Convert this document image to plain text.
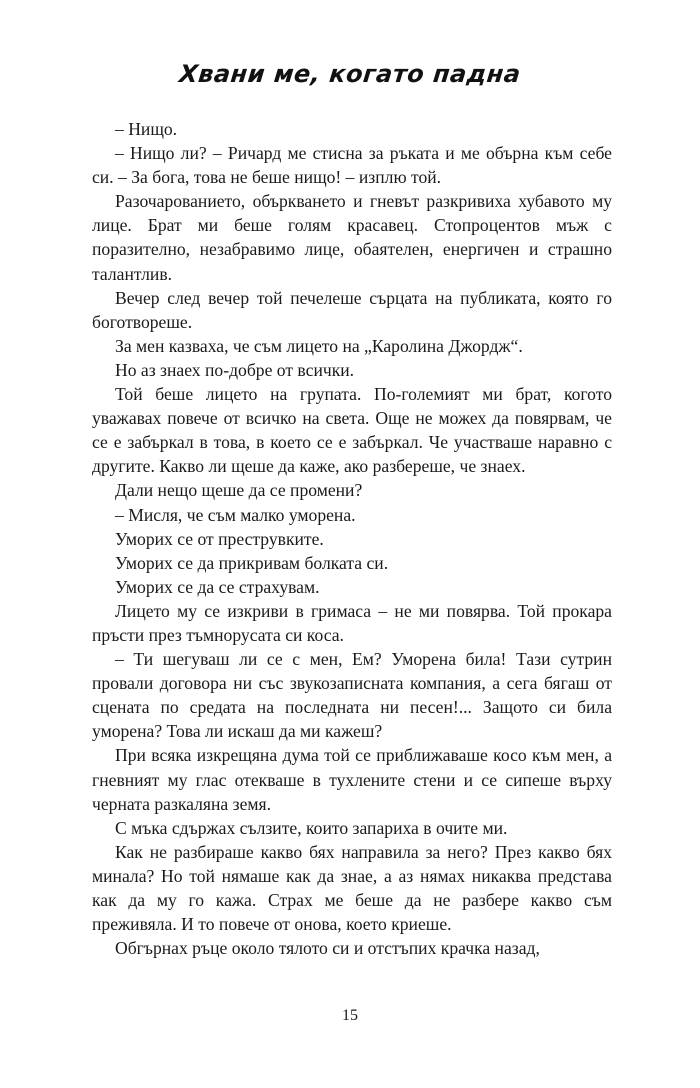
Хвани ме, когато падна

– Нищо.

– Нищо ли? – Ричард ме стисна за ръката и ме обърна към себе си. – За бога, това не беше нищо! – изплю той.

Разочарованието, объркването и гневът разкривиха хубавото му лице. Брат ми беше голям красавец. Стопроцентов мъж с поразително, незабравимо лице, обаятелен, енергичен и страшно талантлив.

Вечер след вечер той печелеше сърцата на публиката, която го боготвореше.

За мен казваха, че съм лицето на „Каролина Джордж“.

Но аз знаех по-добре от всички.

Той беше лицето на групата. По-големият ми брат, когото уважавах повече от всичко на света. Още не можех да повярвам, че се е забъркал в това, в което се е забъркал. Че участваше наравно с другите. Какво ли щеше да каже, ако разбереше, че знаех.

Дали нещо щеше да се промени?

– Мисля, че съм малко уморена.

Уморих се от преструвките.

Уморих се да прикривам болката си.

Уморих се да се страхувам.

Лицето му се изкриви в гримаса – не ми повярва. Той прокара пръсти през тъмнорусата си коса.

– Ти шегуваш ли се с мен, Ем? Уморена била! Тази сутрин провали договора ни със звукозаписната компания, а сега бягаш от сцената по средата на последната ни песен!... Защото си била уморена? Това ли искаш да ми кажеш?

При всяка изкрещяна дума той се приближаваше косо към мен, а гневният му глас отекваше в тухлените стени и се сипеше върху черната разкаляна земя.

С мъка сдържах сълзите, които запариха в очите ми.

Как не разбираше какво бях направила за него? През какво бях минала? Но той нямаше как да знае, а аз нямах никаква представа как да му го кажа. Страх ме беше да не разбере какво съм преживяла. И то повече от онова, което криеше.

Обгърнах ръце около тялото си и отстъпих крачка назад,

15
